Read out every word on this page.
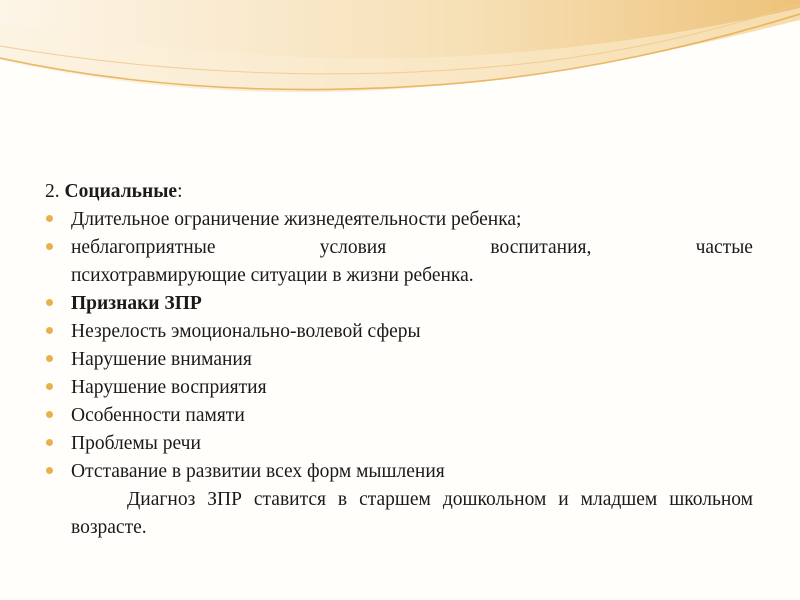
2. Социальные:

Длительное ограничение жизнедеятельности ребенка;
неблагоприятные	условия	воспитания,	частые
психотравмирующие ситуации в жизни ребенка.
Признаки ЗПР
Незрелость эмоционально-волевой сферы
Нарушение внимания
Нарушение восприятия
Особенности памяти
Проблемы речи
Отставание в развитии всех форм мышления

Диагноз ЗПР ставится в старшем дошкольном и младшем школьном возрасте.
